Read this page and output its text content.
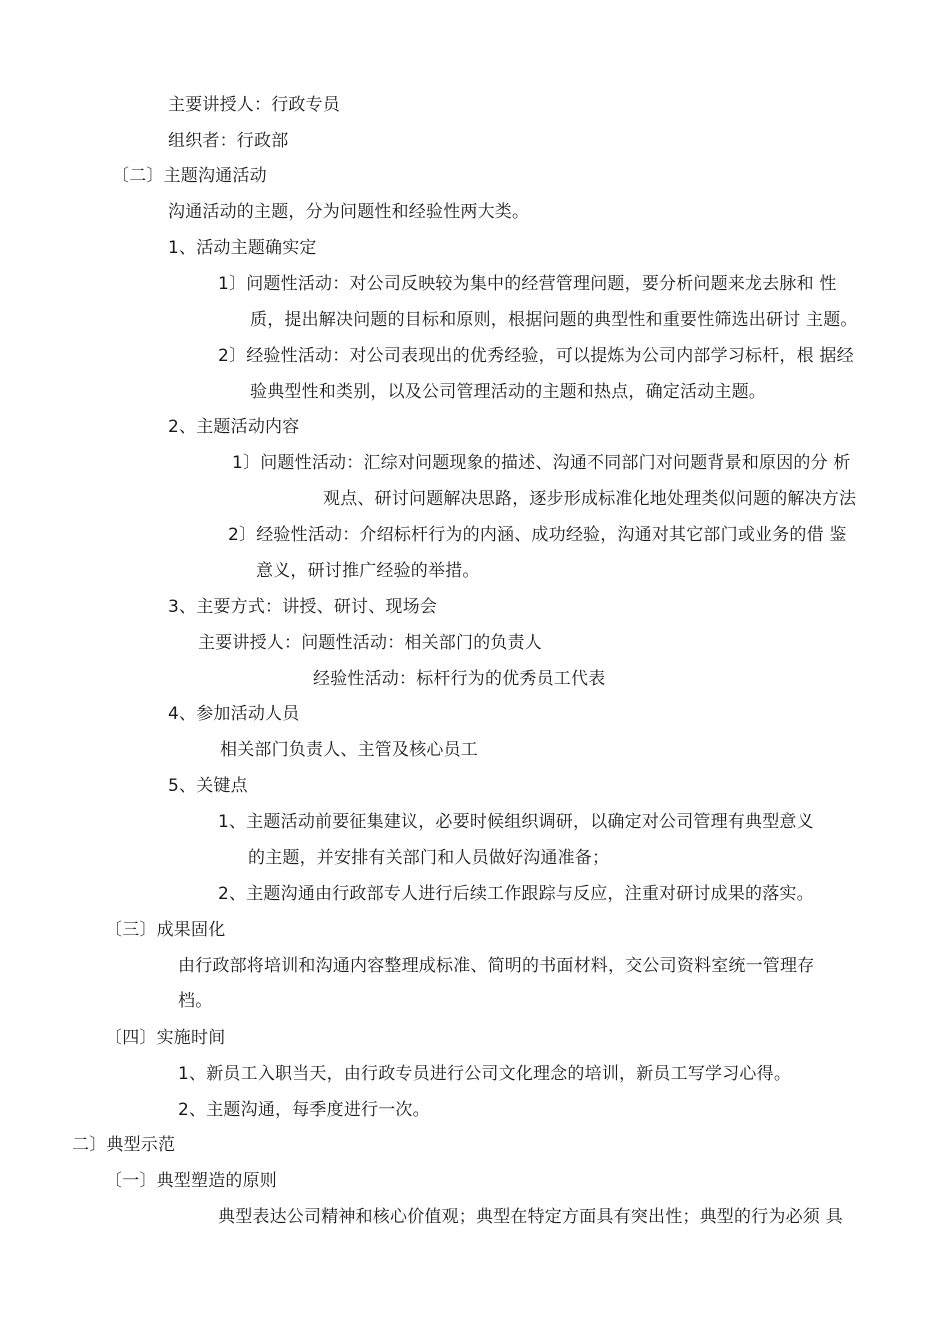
主要讲授人：行政专员
组织者：行政部
〔二〕主题沟通活动
沟通活动的主题，分为问题性和经验性两大类。
1、活动主题确实定
1〕问题性活动：对公司反映较为集中的经营管理问题，要分析问题来龙去脉和 性
质，提出解决问题的目标和原则，根据问题的典型性和重要性筛选出研讨 主题。
2〕经验性活动：对公司表现出的优秀经验，可以提炼为公司内部学习标杆，根 据经
验典型性和类别，以及公司管理活动的主题和热点，确定活动主题。
2、主题活动内容
1〕问题性活动：汇综对问题现象的描述、沟通不同部门对问题背景和原因的分 析
观点、研讨问题解决思路，逐步形成标准化地处理类似问题的解决方法
2〕经验性活动：介绍标杆行为的内涵、成功经验，沟通对其它部门或业务的借 鉴
意义，研讨推广经验的举措。
3、主要方式：讲授、研讨、现场会
主要讲授人：问题性活动：相关部门的负责人
经验性活动：标杆行为的优秀员工代表
4、参加活动人员
相关部门负责人、主管及核心员工
5、关键点
1、主题活动前要征集建议，必要时候组织调研，以确定对公司管理有典型意义
的主题，并安排有关部门和人员做好沟通准备；
2、主题沟通由行政部专人进行后续工作跟踪与反应，注重对研讨成果的落实。
〔三〕成果固化
由行政部将培训和沟通内容整理成标准、简明的书面材料，交公司资料室统一管理存
档。
〔四〕实施时间
1、新员工入职当天，由行政专员进行公司文化理念的培训，新员工写学习心得。
2、主题沟通，每季度进行一次。
二〕典型示范
〔一〕典型塑造的原则
典型表达公司精神和核心价值观；典型在特定方面具有突出性；典型的行为必须 具
